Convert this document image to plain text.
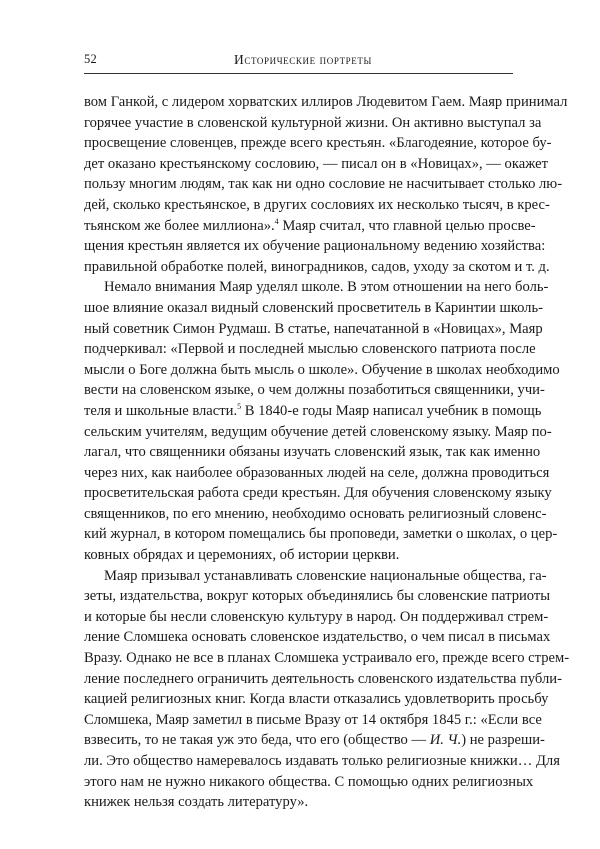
52	Исторические портреты
вом Ганкой, с лидером хорватских иллиров Людевитом Гаем. Маяр принимал
горячее участие в словенской культурной жизни. Он активно выступал за
просвещение словенцев, прежде всего крестьян. «Благодеяние, которое бу-
дет оказано крестьянскому сословию, — писал он в «Новицах», — окажет
пользу многим людям, так как ни одно сословие не насчитывает столько лю-
дей, сколько крестьянское, в других сословиях их несколько тысяч, в крес-
тьянском же более миллиона».$^4$ Маяр считал, что главной целью просве-
щения крестьян является их обучение рациональному ведению хозяйства:
правильной обработке полей, виноградников, садов, уходу за скотом и т. д.
Немало внимания Маяр уделял школе. В этом отношении на него боль-
шое влияние оказал видный словенский просветитель в Каринтии школь-
ный советник Симон Рудмаш. В статье, напечатанной в «Новицах», Маяр
подчеркивал: «Первой и последней мыслью словенского патриота после
мысли о Боге должна быть мысль о школе». Обучение в школах необходимо
вести на словенском языке, о чем должны позаботиться священники, учи-
теля и школьные власти.$^5$ В 1840-е годы Маяр написал учебник в помощь
сельским учителям, ведущим обучение детей словенскому языку. Маяр по-
лагал, что священники обязаны изучать словенский язык, так как именно
через них, как наиболее образованных людей на селе, должна проводиться
просветительская работа среди крестьян. Для обучения словенскому языку
священников, по его мнению, необходимо основать религиозный словенс-
кий журнал, в котором помещались бы проповеди, заметки о школах, о цер-
ковных обрядах и церемониях, об истории церкви.
Маяр призывал устанавливать словенские национальные общества, га-
зеты, издательства, вокруг которых объединялись бы словенские патриоты
и которые бы несли словенскую культуру в народ. Он поддерживал стрем-
ление Сломшека основать словенское издательство, о чем писал в письмах
Вразу. Однако не все в планах Сломшека устраивало его, прежде всего стрем-
ление последнего ограничить деятельность словенского издательства публи-
кацией религиозных книг. Когда власти отказались удовлетворить просьбу
Сломшека, Маяр заметил в письме Вразу от 14 октября 1845 г.: «Если все
взвесить, то не такая уж это беда, что его (общество — И. Ч.) не разреши-
ли. Это общество намеревалось издавать только религиозные книжки… Для
этого нам не нужно никакого общества. С помощью одних религиозных
книжек нельзя создать литературу».
